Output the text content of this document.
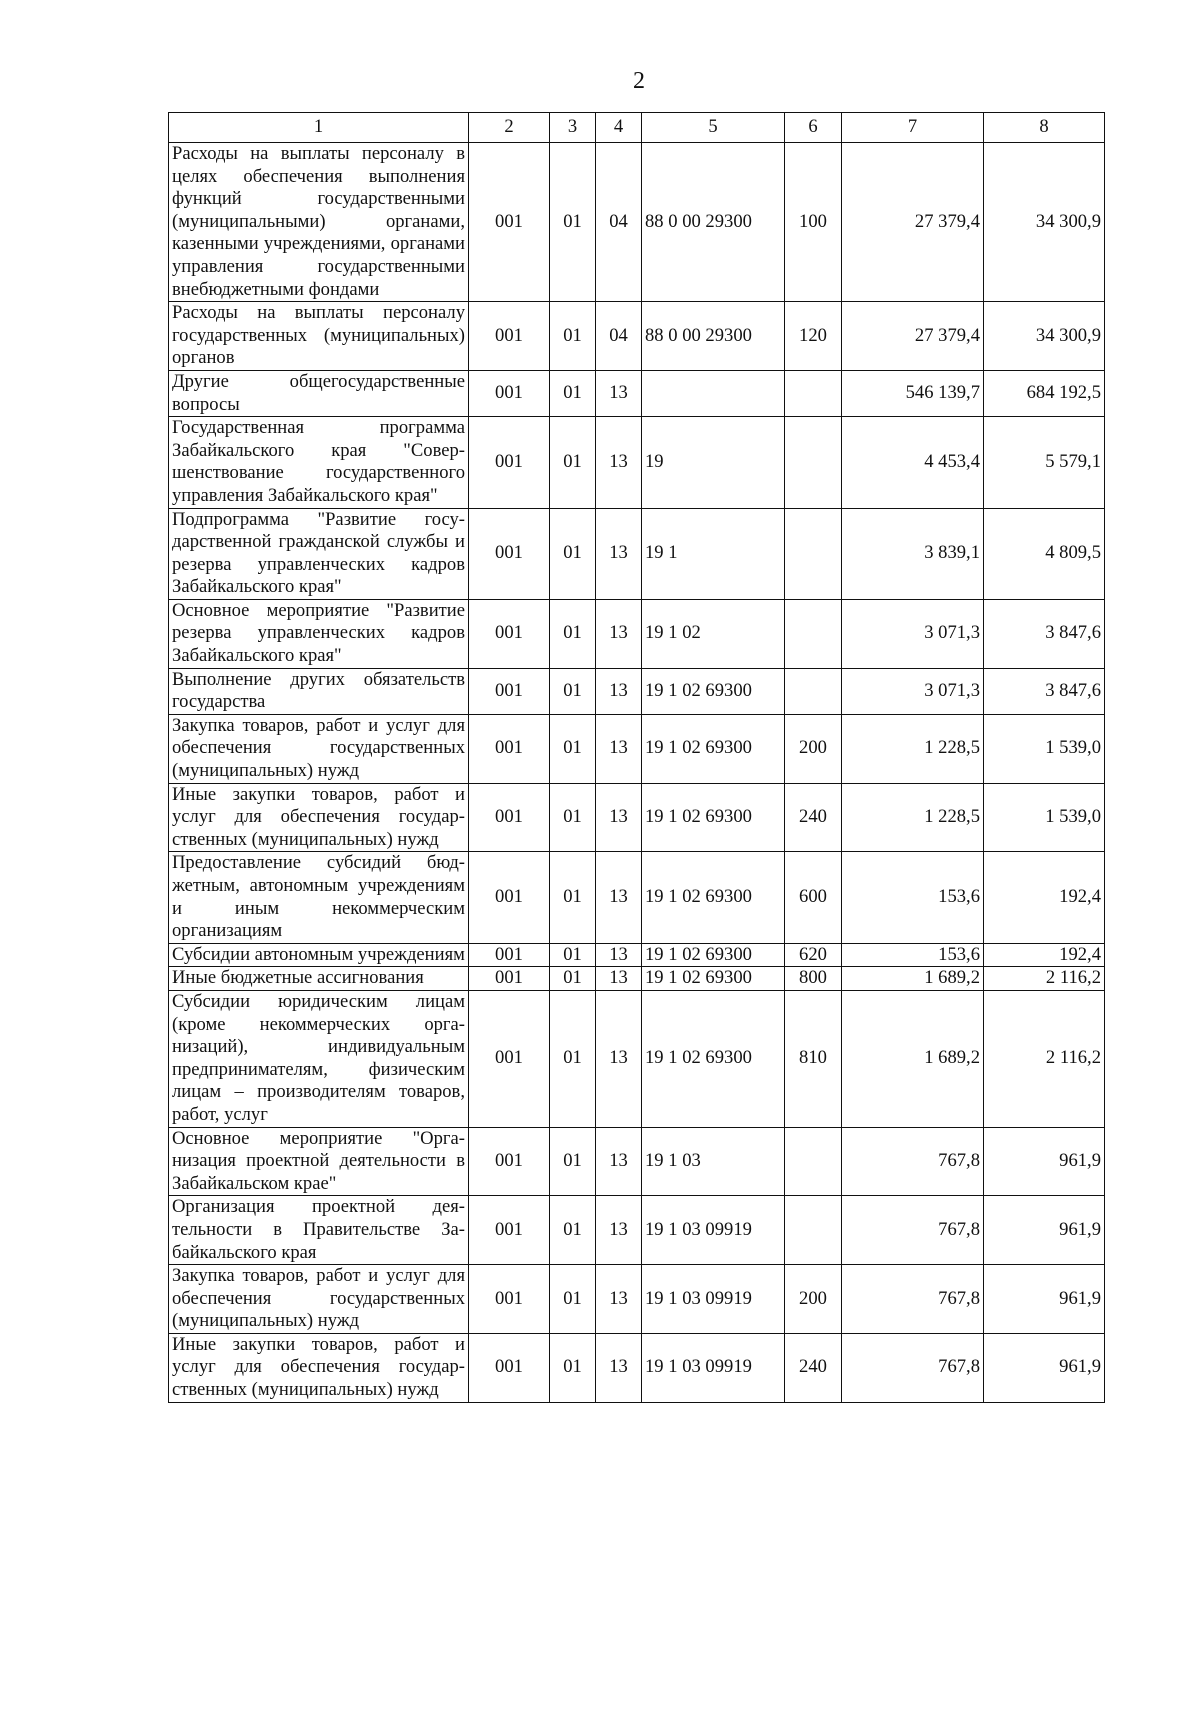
2
1	2	3	4	5	6	7	8
Расходы на выплаты персоналу в целях обеспечения выполнения функций государственными (муниципальными) органами, казенными учреждениями, органами управления государственными внебюджетными фондами	001	01	04	88 0 00 29300	100	27 379,4	34 300,9
Расходы на выплаты персоналу государственных (муниципальных) органов	001	01	04	88 0 00 29300	120	27 379,4	34 300,9
Другие общегосударственные вопросы	001	01	13			546 139,7	684 192,5
Государственная программа Забайкальского края "Совершенствование государственного управления Забайкальского края"	001	01	13	19		4 453,4	5 579,1
Подпрограмма "Развитие государственной гражданской службы и резерва управленческих кадров Забайкальского края"	001	01	13	19 1		3 839,1	4 809,5
Основное мероприятие "Развитие резерва управленческих кадров Забайкальского края"	001	01	13	19 1 02		3 071,3	3 847,6
Выполнение других обязательств государства	001	01	13	19 1 02 69300		3 071,3	3 847,6
Закупка товаров, работ и услуг для обеспечения государственных (муниципальных) нужд	001	01	13	19 1 02 69300	200	1 228,5	1 539,0
Иные закупки товаров, работ и услуг для обеспечения государственных (муниципальных) нужд	001	01	13	19 1 02 69300	240	1 228,5	1 539,0
Предоставление субсидий бюджетным, автономным учреждениям и иным некоммерческим организациям	001	01	13	19 1 02 69300	600	153,6	192,4
Субсидии автономным учреждениям	001	01	13	19 1 02 69300	620	153,6	192,4
Иные бюджетные ассигнования	001	01	13	19 1 02 69300	800	1 689,2	2 116,2
Субсидии юридическим лицам (кроме некоммерческих организаций), индивидуальным предпринимателям, физическим лицам – производителям товаров, работ, услуг	001	01	13	19 1 02 69300	810	1 689,2	2 116,2
Основное мероприятие "Организация проектной деятельности в Забайкальском крае"	001	01	13	19 1 03		767,8	961,9
Организация проектной деятельности в Правительстве Забайкальского края	001	01	13	19 1 03 09919		767,8	961,9
Закупка товаров, работ и услуг для обеспечения государственных (муниципальных) нужд	001	01	13	19 1 03 09919	200	767,8	961,9
Иные закупки товаров, работ и услуг для обеспечения государственных (муниципальных) нужд	001	01	13	19 1 03 09919	240	767,8	961,9
